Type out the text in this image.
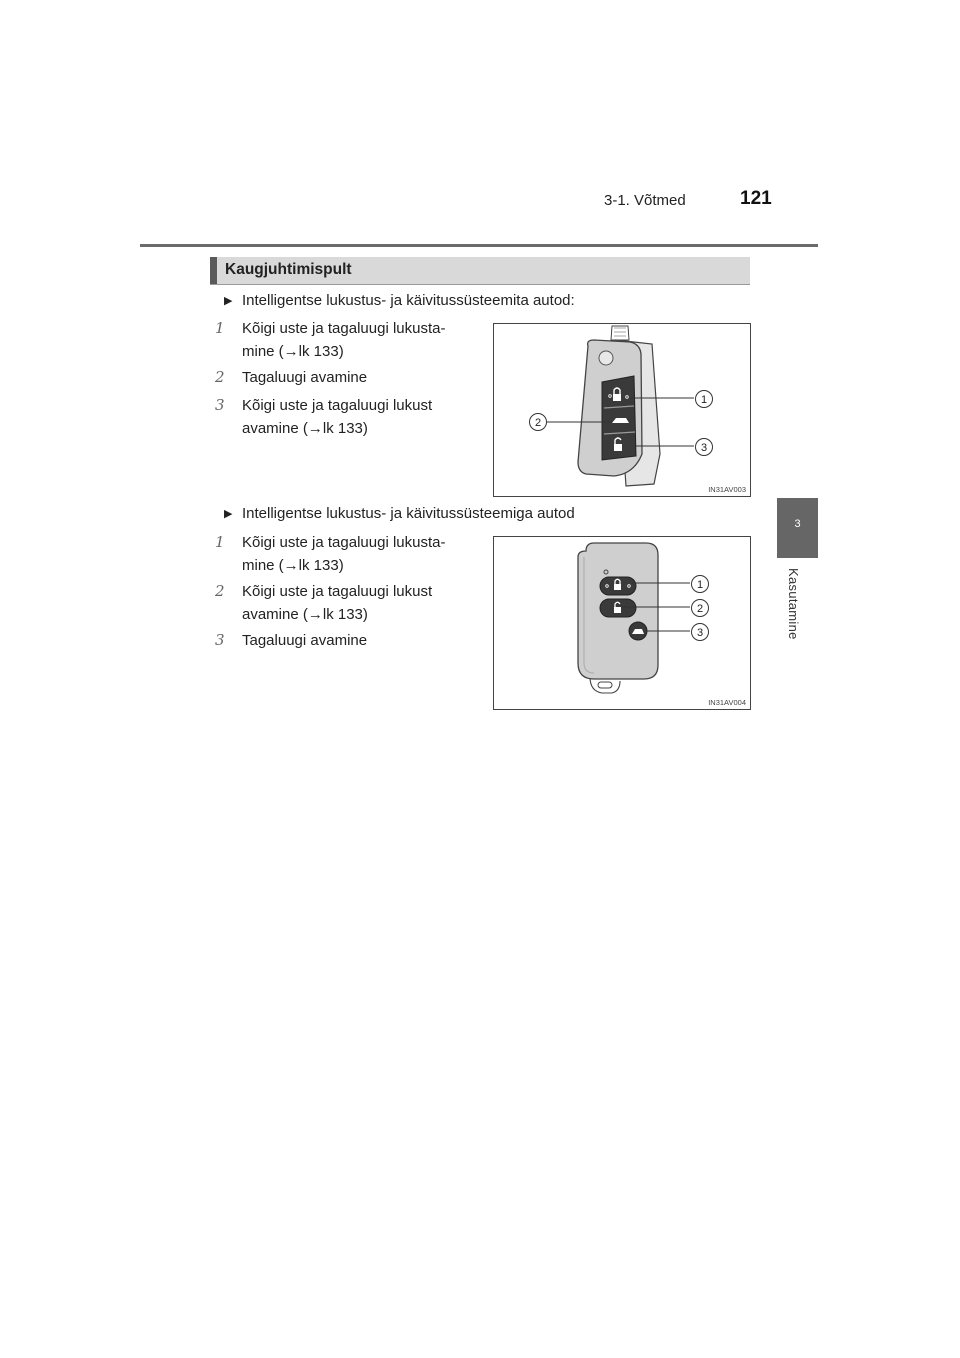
3-1. Võtmed	121
3
Kasutamine
Kaugjuhtimispult
▶ Intelligentse lukustus- ja käivitussüsteemita autod:
1 Kõigi uste ja tagaluugi lukusta-

mine (→lk 133)

2 Tagaluugi avamine

3 Kõigi uste ja tagaluugi lukust

avamine (→lk 133)

1
2
3
IN31AV003
▶ Intelligentse lukustus- ja käivitussüsteemiga autod
1 Kõigi uste ja tagaluugi lukusta-

mine (→lk 133)

2 Kõigi uste ja tagaluugi lukust

avamine (→lk 133)

3 Tagaluugi avamine

1
2
3
IN31AV004
